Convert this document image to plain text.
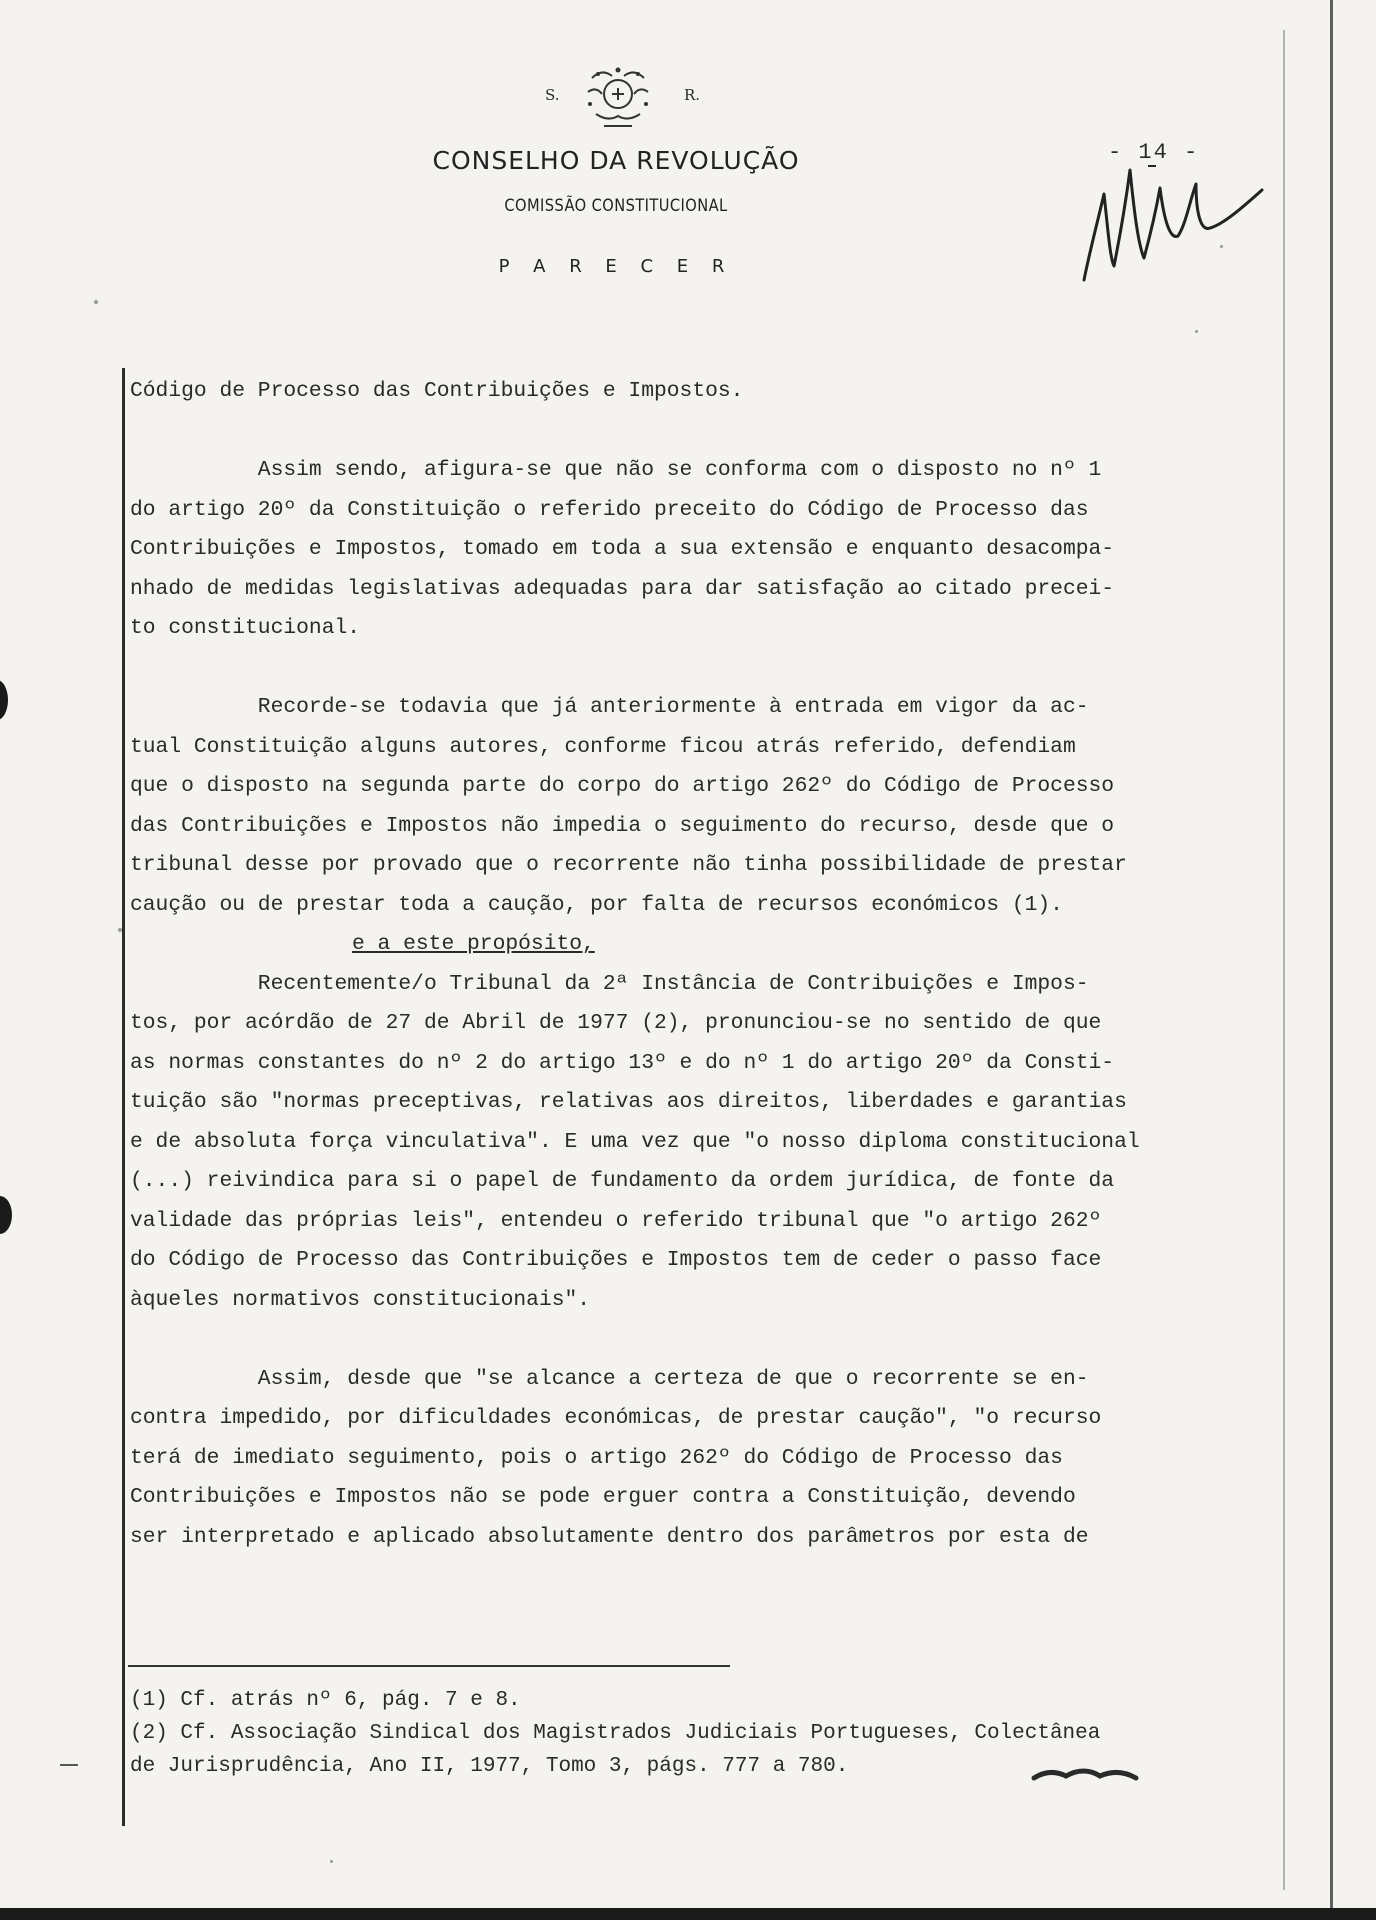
S.	R.
CONSELHO DA REVOLUÇÃO
COMISSÃO CONSTITUCIONAL
P A R E C E R
- 14 -
Código de Processo das Contribuições e Impostos.
Assim sendo, afigura-se que não se conforma com o disposto no nº 1
do artigo 20º da Constituição o referido preceito do Código de Processo das
Contribuições e Impostos, tomado em toda a sua extensão e enquanto desacompa-
nhado de medidas legislativas adequadas para dar satisfação ao citado precei-
to constitucional.
Recorde-se todavia que já anteriormente à entrada em vigor da ac-
tual Constituição alguns autores, conforme ficou atrás referido, defendiam
que o disposto na segunda parte do corpo do artigo 262º do Código de Processo
das Contribuições e Impostos não impedia o seguimento do recurso, desde que o
tribunal desse por provado que o recorrente não tinha possibilidade de prestar
caução ou de prestar toda a caução, por falta de recursos económicos (1).
e a este propósito,
Recentemente/o Tribunal da 2ª Instância de Contribuições e Impos-
tos, por acórdão de 27 de Abril de 1977 (2), pronunciou-se no sentido de que
as normas constantes do nº 2 do artigo 13º e do nº 1 do artigo 20º da Consti-
tuição são "normas preceptivas, relativas aos direitos, liberdades e garantias
e de absoluta força vinculativa". E uma vez que "o nosso diploma constitucional
(...) reivindica para si o papel de fundamento da ordem jurídica, de fonte da
validade das próprias leis", entendeu o referido tribunal que "o artigo 262º
do Código de Processo das Contribuições e Impostos tem de ceder o passo face
àqueles normativos constitucionais".
Assim, desde que "se alcance a certeza de que o recorrente se en-
contra impedido, por dificuldades económicas, de prestar caução", "o recurso
terá de imediato seguimento, pois o artigo 262º do Código de Processo das
Contribuições e Impostos não se pode erguer contra a Constituição, devendo
ser interpretado e aplicado absolutamente dentro dos parâmetros por esta de
(1) Cf. atrás nº 6, pág. 7 e 8.
(2) Cf. Associação Sindical dos Magistrados Judiciais Portugueses, Colectânea
de Jurisprudência, Ano II, 1977, Tomo 3, págs. 777 a 780.
